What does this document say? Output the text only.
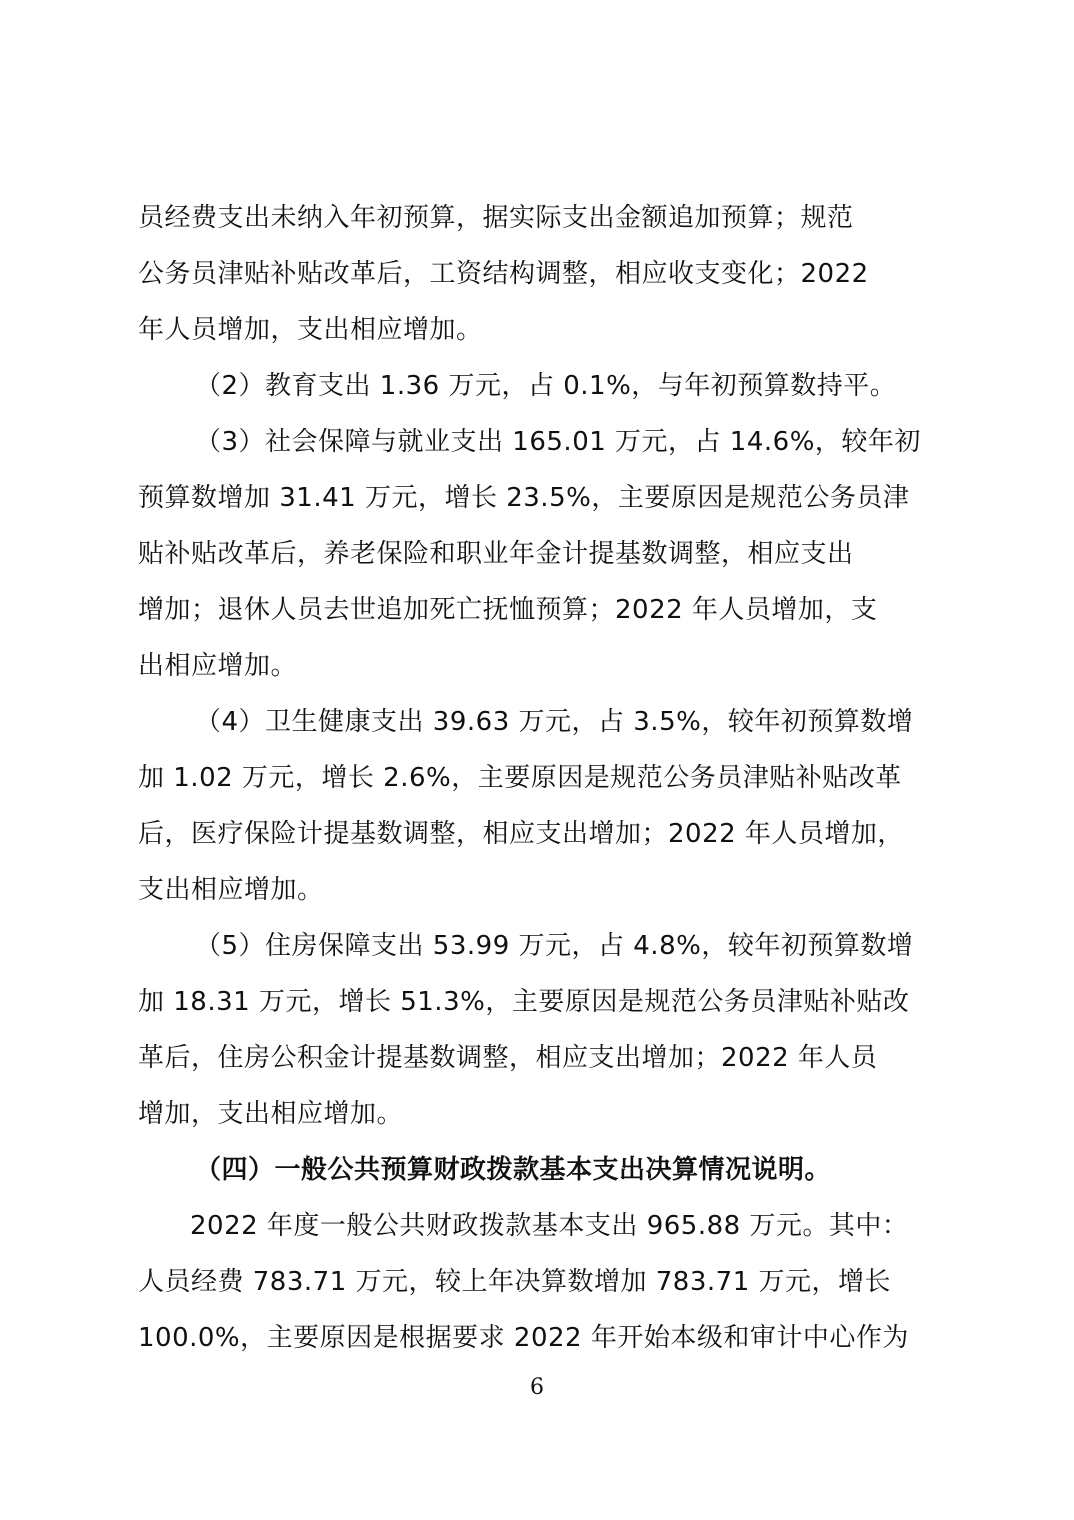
员经费支出未纳入年初预算，据实际支出金额追加预算；规范
公务员津贴补贴改革后，工资结构调整，相应收支变化；2022
年人员增加，支出相应增加。
（2）教育支出 1.36 万元，占 0.1%，与年初预算数持平。
（3）社会保障与就业支出 165.01 万元，占 14.6%，较年初
预算数增加 31.41 万元，增长 23.5%，主要原因是规范公务员津
贴补贴改革后，养老保险和职业年金计提基数调整，相应支出
增加；退休人员去世追加死亡抚恤预算；2022 年人员增加，支
出相应增加。
（4）卫生健康支出 39.63 万元，占 3.5%，较年初预算数增
加 1.02 万元，增长 2.6%，主要原因是规范公务员津贴补贴改革
后，医疗保险计提基数调整，相应支出增加；2022 年人员增加，
支出相应增加。
（5）住房保障支出 53.99 万元，占 4.8%，较年初预算数增
加 18.31 万元，增长 51.3%，主要原因是规范公务员津贴补贴改
革后，住房公积金计提基数调整，相应支出增加；2022 年人员
增加，支出相应增加。
（四）一般公共预算财政拨款基本支出决算情况说明。
2022 年度一般公共财政拨款基本支出 965.88 万元。其中：
人员经费 783.71 万元，较上年决算数增加 783.71 万元，增长
100.0%，主要原因是根据要求 2022 年开始本级和审计中心作为
6
